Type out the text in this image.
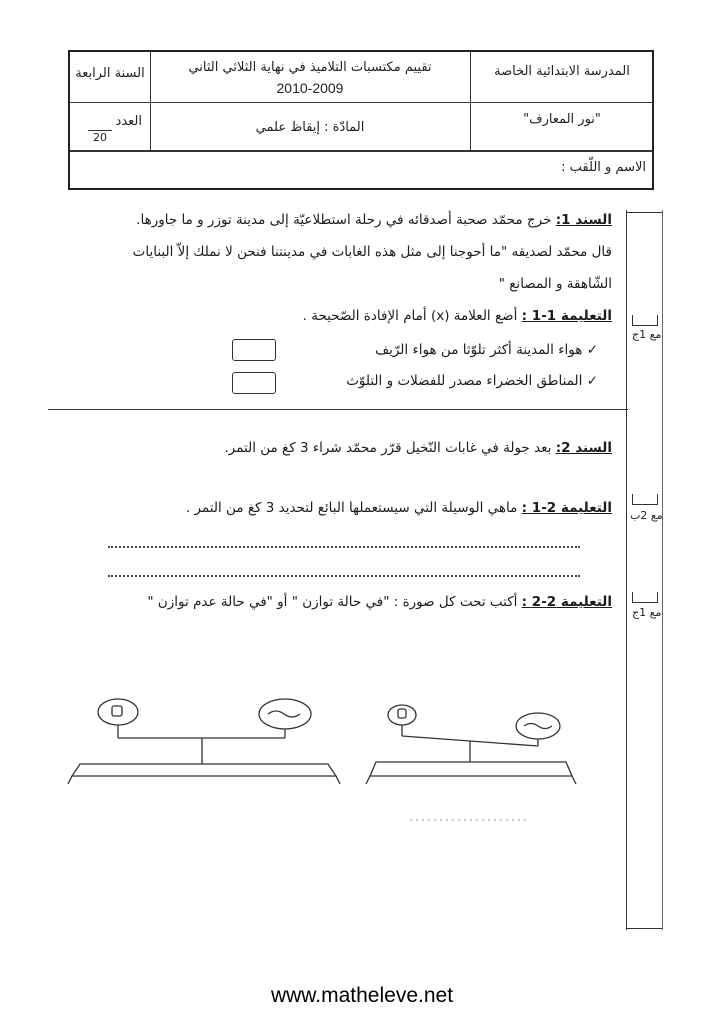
المدرسة الابتدائية الخاصة
"نور المعارف"
تقييم مكتسبات التلاميذ في نهاية الثلاثي الثاني
2010-2009
المادّة : إيقاظ علمي
السنة الرابعة
العدد
20
الاسم و اللّقب :
مع 1ج
مع 2ب
مع 1ج
السند 1: خرج محمّد صحبة أصدقائه في رحلة استطلاعيّة إلى مدينة توزر و ما جاورها.
قال محمّد لصديقه "ما أحوجنا إلى مثل هذه الغابات في مدينتنا فنحن لا نملك إلاّ البنايات
الشّاهقة و المصانع "
التعليمة 1-1 : أضع العلامة (x) أمام الإفادة الصّحيحة .
✓ هواء المدينة أكثر تلوّثا من هواء الرّيف
✓ المناطق الخضراء مصدر للفضلات و التلوّث
السند 2: بعد جولة في غابات النّخيل قرّر محمّد شراء 3 كغ من التمر.
التعليمة 2-1 : ماهي الوسيلة التي سيستعملها البائع لتحديد 3 كغ من التمر .
التعليمة 2-2 : أكتب تحت كل صورة : "في حالة توازن " أو "في حالة عدم توازن "
www.matheleve.net
